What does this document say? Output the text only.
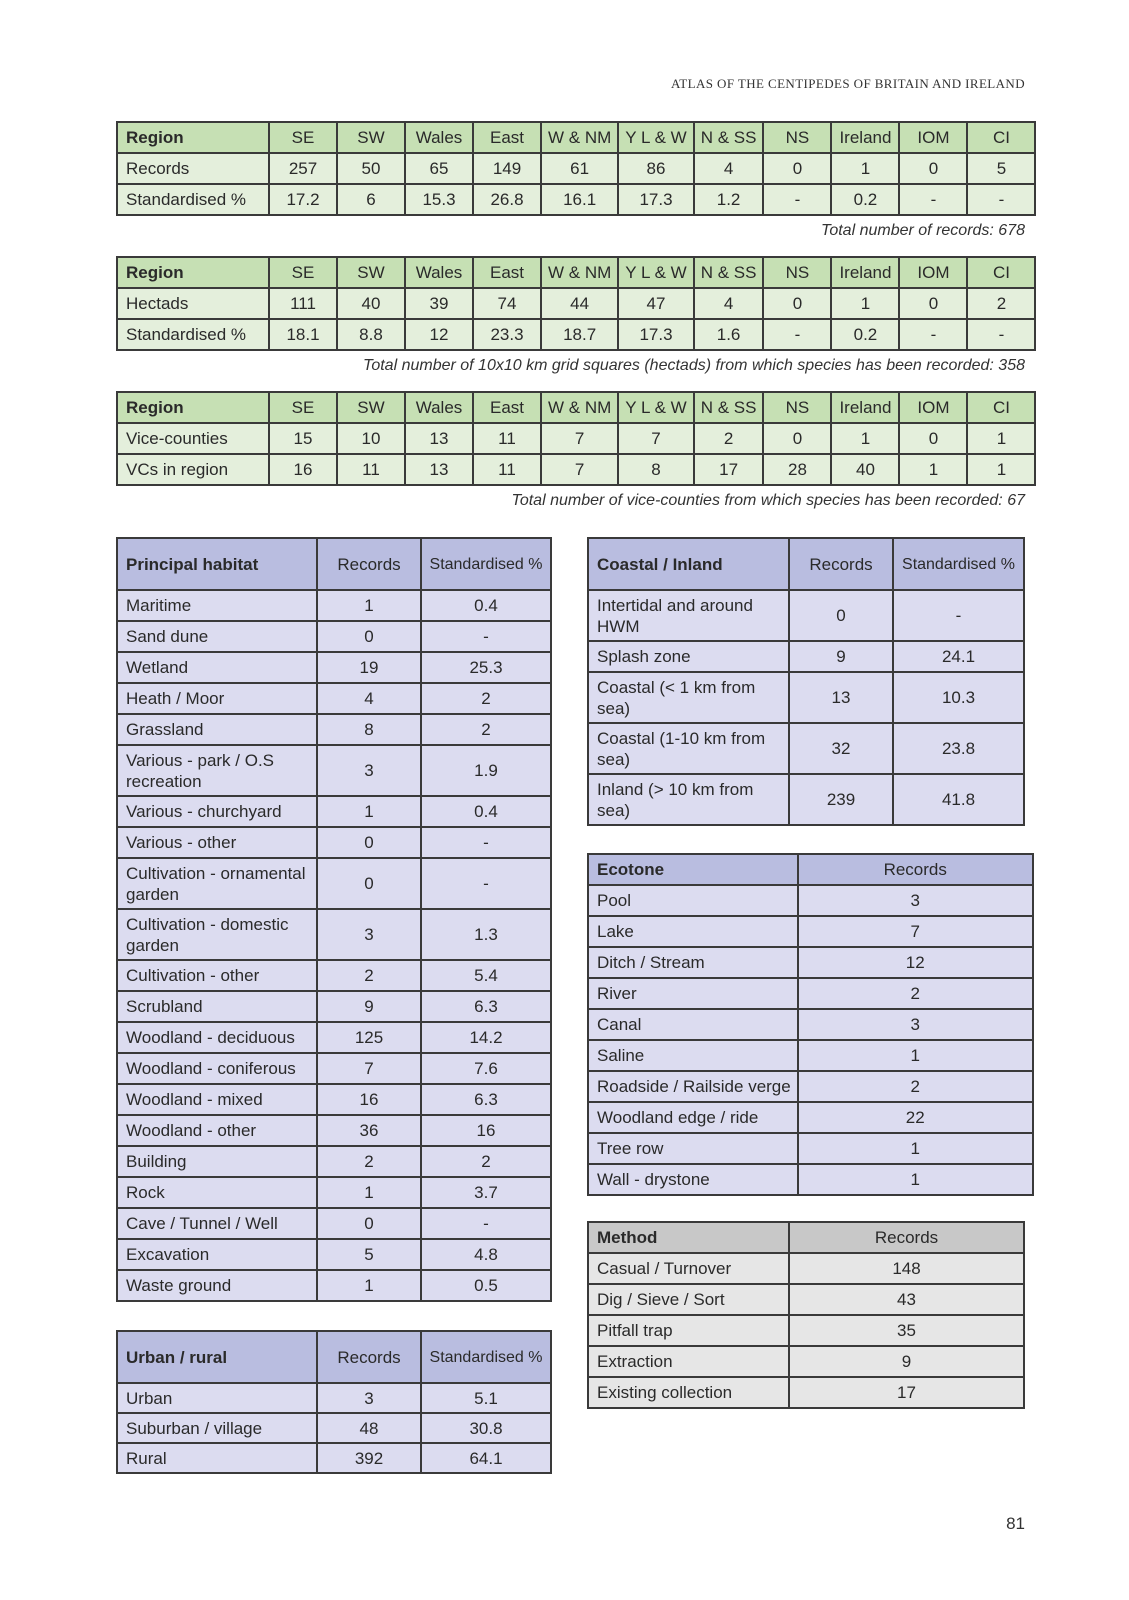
ATLAS OF THE CENTIPEDES OF BRITAIN AND IRELAND
Region	SE	SW	Wales	East	W & NM	Y L & W	N & SS	NS	Ireland	IOM	CI
Records	257	50	65	149	61	86	4	0	1	0	5
Standardised %	17.2	6	15.3	26.8	16.1	17.3	1.2	-	0.2	-	-
Total number of records: 678
Region	SE	SW	Wales	East	W & NM	Y L & W	N & SS	NS	Ireland	IOM	CI
Hectads	111	40	39	74	44	47	4	0	1	0	2
Standardised %	18.1	8.8	12	23.3	18.7	17.3	1.6	-	0.2	-	-
Total number of 10x10 km grid squares (hectads) from which species has been recorded: 358
Region	SE	SW	Wales	East	W & NM	Y L & W	N & SS	NS	Ireland	IOM	CI
Vice-counties	15	10	13	11	7	7	2	0	1	0	1
VCs in region	16	11	13	11	7	8	17	28	40	1	1
Total number of vice-counties from which species has been recorded: 67
Principal habitat	Records	Standardised %
Maritime	1	0.4
Sand dune	0	-
Wetland	19	25.3
Heath / Moor	4	2
Grassland	8	2
Various - park / O.S recreation	3	1.9
Various - churchyard	1	0.4
Various - other	0	-
Cultivation - ornamental garden	0	-
Cultivation - domestic garden	3	1.3
Cultivation - other	2	5.4
Scrubland	9	6.3
Woodland - deciduous	125	14.2
Woodland - coniferous	7	7.6
Woodland - mixed	16	6.3
Woodland - other	36	16
Building	2	2
Rock	1	3.7
Cave / Tunnel / Well	0	-
Excavation	5	4.8
Waste ground	1	0.5
Urban / rural	Records	Standardised %
Urban	3	5.1
Suburban / village	48	30.8
Rural	392	64.1
Coastal / Inland	Records	Standardised %
Intertidal and around HWM	0	-
Splash zone	9	24.1
Coastal (< 1 km from sea)	13	10.3
Coastal (1-10 km from sea)	32	23.8
Inland (> 10 km from sea)	239	41.8
Ecotone	Records
Pool	3
Lake	7
Ditch / Stream	12
River	2
Canal	3
Saline	1
Roadside / Railside verge	2
Woodland edge / ride	22
Tree row	1
Wall - drystone	1
Method	Records
Casual / Turnover	148
Dig / Sieve / Sort	43
Pitfall trap	35
Extraction	9
Existing collection	17
81
